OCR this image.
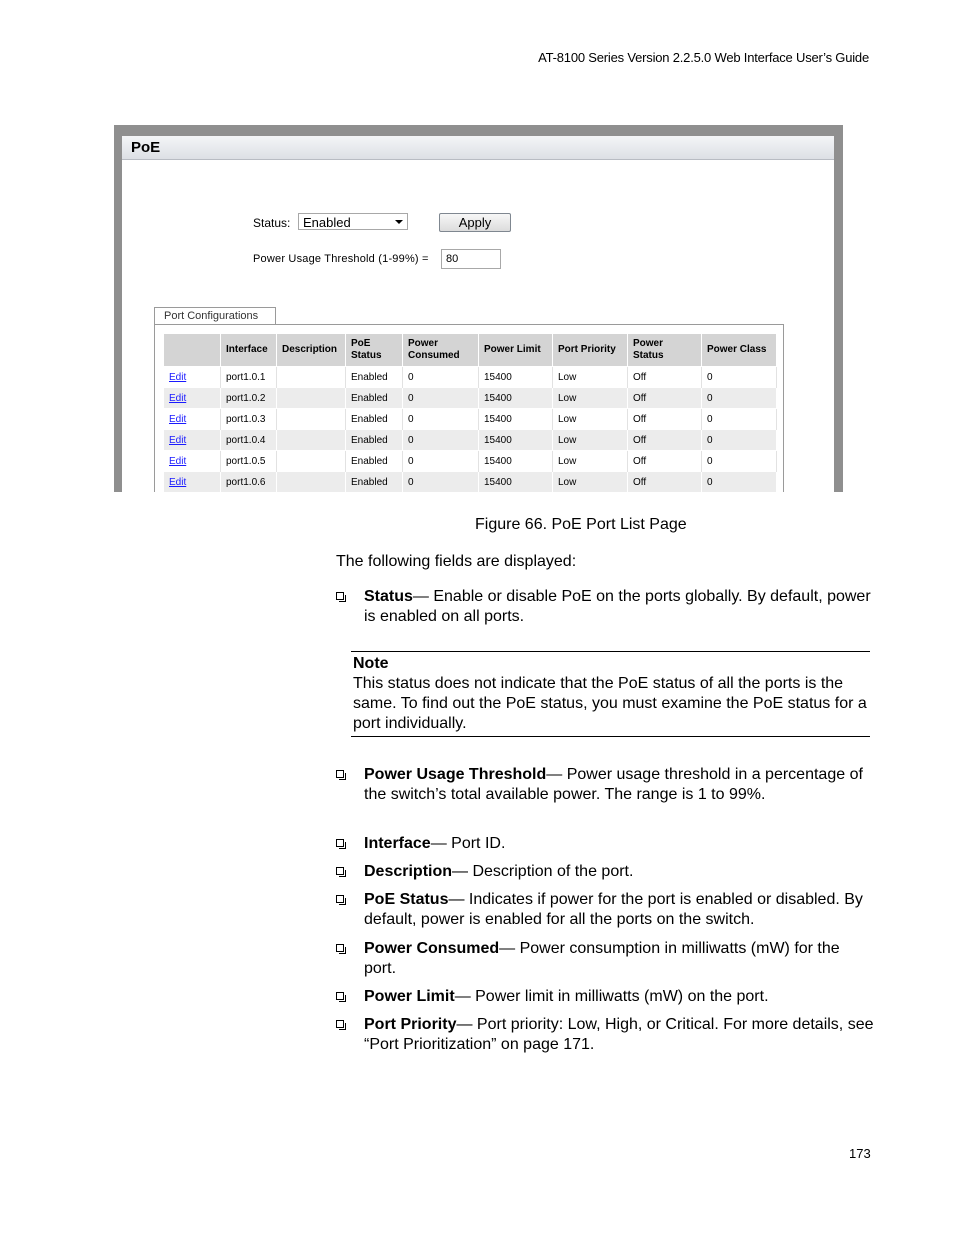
AT-8100 Series Version 2.2.5.0 Web Interface User’s Guide
PoE
Status: Enabled	Apply
Power Usage Threshold (1-99%) =	80
Port Configurations
	Interface	Description	PoE Status	Power Consumed	Power Limit	Port Priority	Power Status	Power Class
Edit	port1.0.1		Enabled	0	15400	Low	Off	0
Edit	port1.0.2		Enabled	0	15400	Low	Off	0
Edit	port1.0.3		Enabled	0	15400	Low	Off	0
Edit	port1.0.4		Enabled	0	15400	Low	Off	0
Edit	port1.0.5		Enabled	0	15400	Low	Off	0
Edit	port1.0.6		Enabled	0	15400	Low	Off	0
Figure 66. PoE Port List Page
The following fields are displayed:
Status— Enable or disable PoE on the ports globally. By default, power is enabled on all ports.
Note
This status does not indicate that the PoE status of all the ports is the same. To find out the PoE status, you must examine the PoE status for a port individually.
Power Usage Threshold— Power usage threshold in a percentage of the switch’s total available power. The range is 1 to 99%.
Interface— Port ID.
Description— Description of the port.
PoE Status— Indicates if power for the port is enabled or disabled. By default, power is enabled for all the ports on the switch.
Power Consumed— Power consumption in milliwatts (mW) for the port.
Power Limit— Power limit in milliwatts (mW) on the port.
Port Priority— Port priority: Low, High, or Critical. For more details, see “Port Prioritization” on page 171.
173
